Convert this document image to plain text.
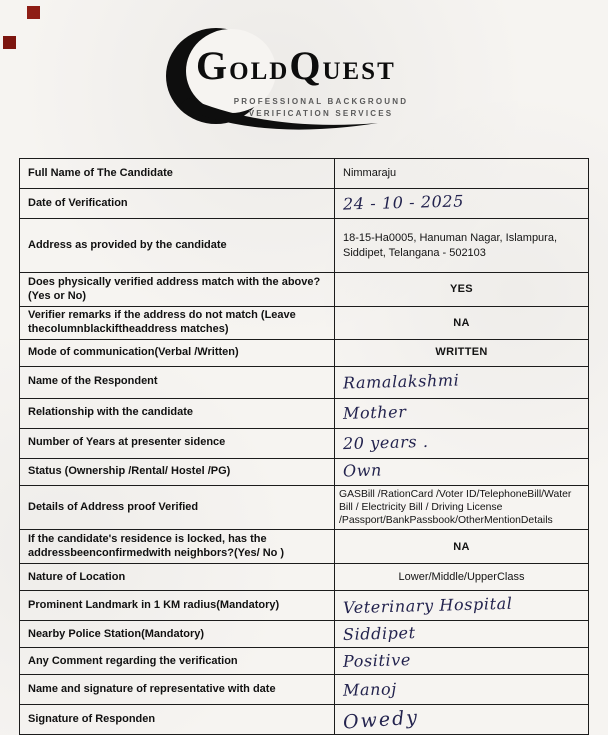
G OLD Q UEST
PROFESSIONAL BACKGROUND
VERIFICATION SERVICES
Full Name of The Candidate	Nimmaraju
Date of Verification	24 - 10 - 2025
Address as provided by the candidate	18-15-Ha0005, Hanuman Nagar, Islampura, Siddipet, Telangana - 502103
Does physically verified address match with the above?(Yes or No)	YES
Verifier remarks if the address do not match (Leave thecolumnblackiftheaddress matches)	NA
Mode of communication(Verbal /Written)	WRITTEN
Name of the Respondent	Ramalakshmi
Relationship with the candidate	Mother
Number of Years at presenter sidence	20 years .
Status (Ownership /Rental/ Hostel /PG)	Own
Details of Address proof Verified	GASBill /RationCard /Voter ID/TelephoneBill/Water Bill / Electricity Bill / Driving License /Passport/BankPassbook/OtherMentionDetails
If the candidate's residence is locked, has the addressbeenconfirmedwith neighbors?(Yes/ No )	NA
Nature of Location	Lower/Middle/UpperClass
Prominent Landmark in 1 KM radius(Mandatory)	Veterinary Hospital
Nearby Police Station(Mandatory)	Siddipet
Any Comment regarding the verification	Positive
Name and signature of representative with date	Manoj
Signature of Responden	Owedy
